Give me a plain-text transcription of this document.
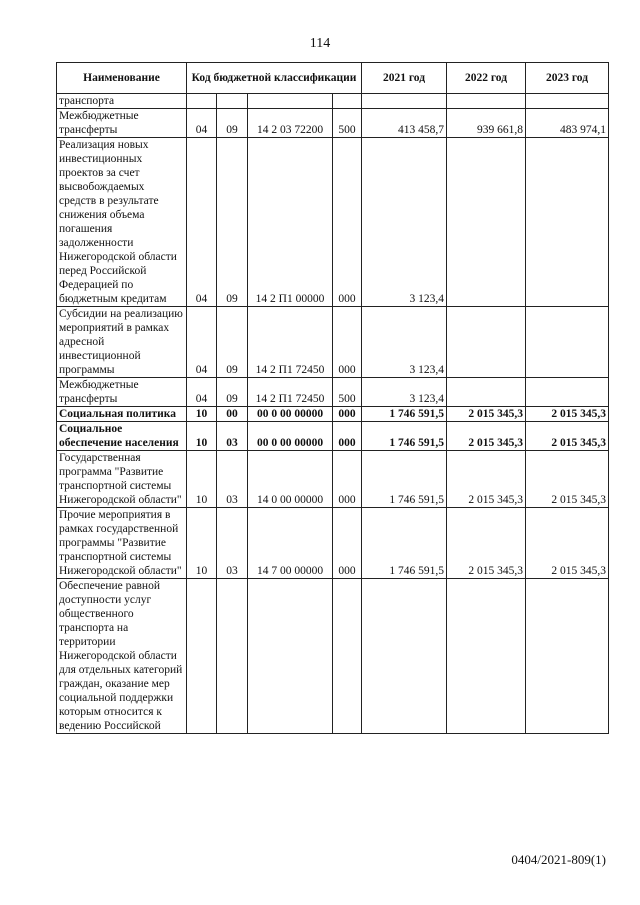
114
Наименование	Код бюджетной классификации				2021 год	2022 год	2023 год
транспорта							
Межбюджетные трансферты	04	09	14 2 03 72200	500	413 458,7	939 661,8	483 974,1
Реализация новых инвестиционных проектов за счет высвобождаемых средств в результате снижения объема погашения задолженности Нижегородской области перед Российской Федерацией по бюджетным кредитам	04	09	14 2 П1 00000	000	3 123,4		
Субсидии на реализацию мероприятий в рамках адресной инвестиционной программы	04	09	14 2 П1 72450	000	3 123,4		
Межбюджетные трансферты	04	09	14 2 П1 72450	500	3 123,4		
Социальная политика	10	00	00 0 00 00000	000	1 746 591,5	2 015 345,3	2 015 345,3
Социальное обеспечение населения	10	03	00 0 00 00000	000	1 746 591,5	2 015 345,3	2 015 345,3
Государственная программа "Развитие транспортной системы Нижегородской области"	10	03	14 0 00 00000	000	1 746 591,5	2 015 345,3	2 015 345,3
Прочие мероприятия в рамках государственной программы "Развитие транспортной системы Нижегородской области"	10	03	14 7 00 00000	000	1 746 591,5	2 015 345,3	2 015 345,3
Обеспечение равной доступности услуг общественного транспорта на территории Нижегородской области для отдельных категорий граждан, оказание мер социальной поддержки которым относится к ведению Российской							
0404/2021-809(1)
